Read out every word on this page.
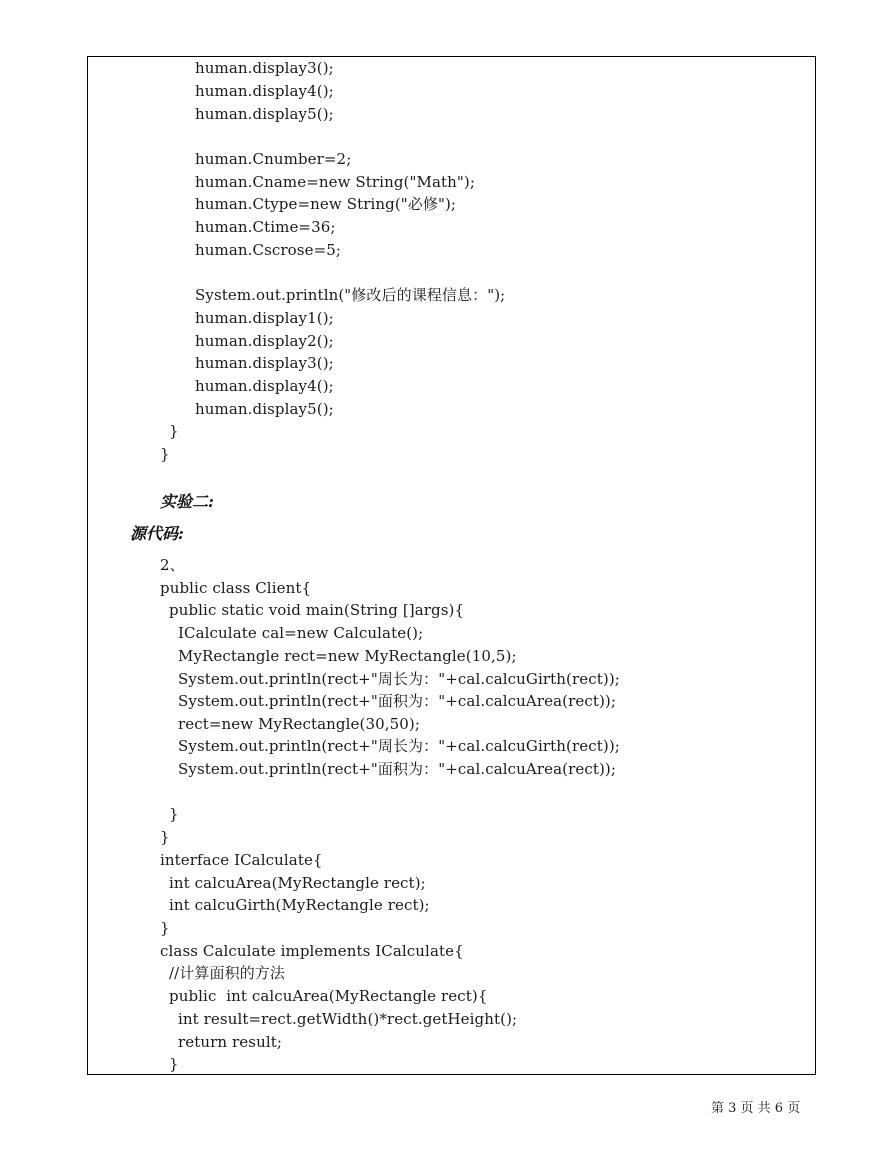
human.display3();
human.display4();
human.display5();
human.Cnumber=2;
human.Cname=new String("Math");
human.Ctype=new String("必修");
human.Ctime=36;
human.Cscrose=5;
System.out.println("修改后的课程信息：");
human.display1();
human.display2();
human.display3();
human.display4();
human.display5();
}
}
实验二:
源代码:
2、
public class Client{
public static void main(String []args){
ICalculate cal=new Calculate();
MyRectangle rect=new MyRectangle(10,5);
System.out.println(rect+"周长为："+cal.calcuGirth(rect));
System.out.println(rect+"面积为："+cal.calcuArea(rect));
rect=new MyRectangle(30,50);
System.out.println(rect+"周长为："+cal.calcuGirth(rect));
System.out.println(rect+"面积为："+cal.calcuArea(rect));
}
}
interface ICalculate{
int calcuArea(MyRectangle rect);
int calcuGirth(MyRectangle rect);
}
class Calculate implements ICalculate{
//计算面积的方法
public  int calcuArea(MyRectangle rect){
int result=rect.getWidth()*rect.getHeight();
return result;
}
第 3 页 共 6 页
